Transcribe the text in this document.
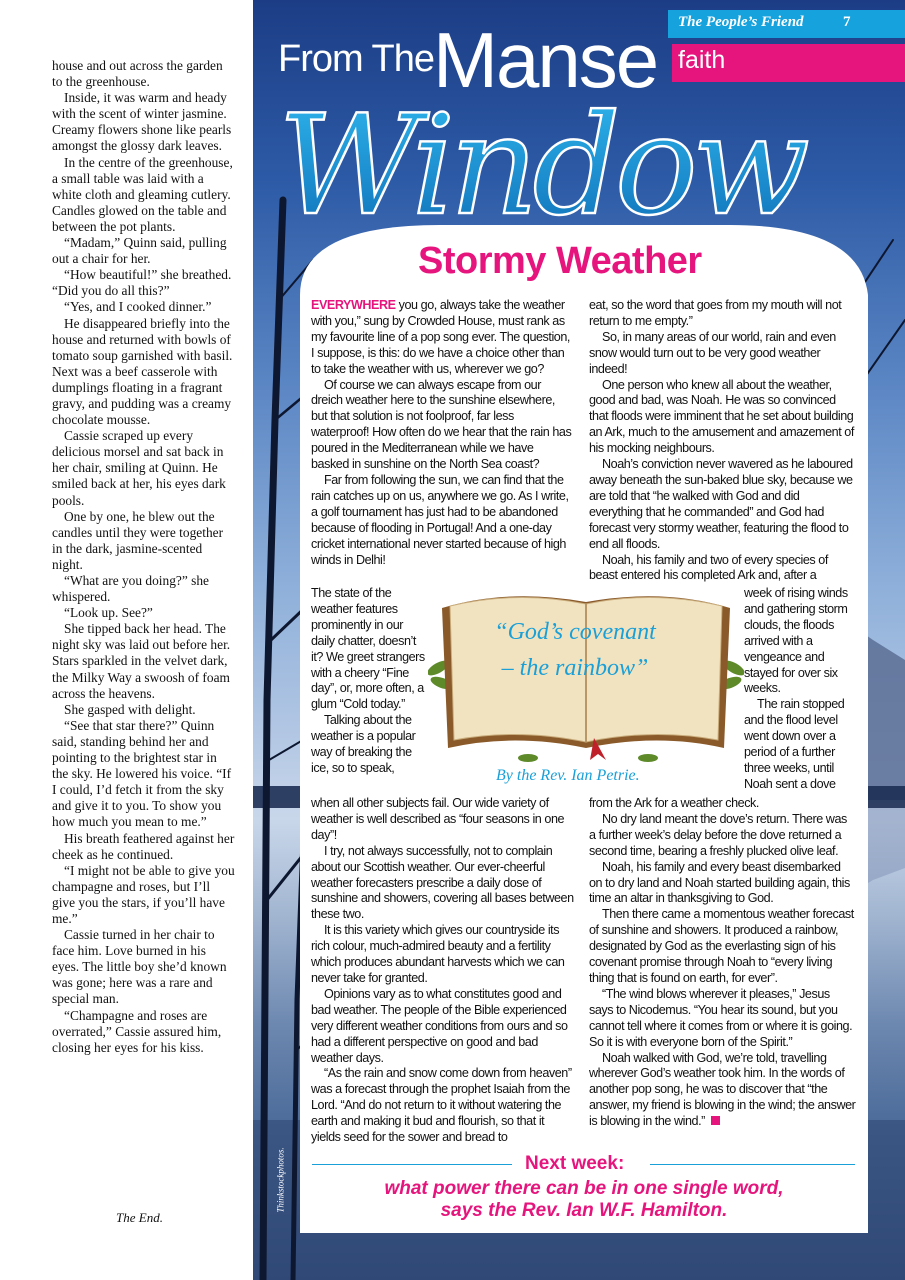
house and out across the garden to the greenhouse.

Inside, it was warm and heady with the scent of winter jasmine. Creamy flowers shone like pearls amongst the glossy dark leaves.

In the centre of the greenhouse, a small table was laid with a white cloth and gleaming cutlery. Candles glowed on the table and between the pot plants.

“Madam,” Quinn said, pulling out a chair for her.

“How beautiful!” she breathed. “Did you do all this?”

“Yes, and I cooked dinner.”

He disappeared briefly into the house and returned with bowls of tomato soup garnished with basil. Next was a beef casserole with dumplings floating in a fragrant gravy, and pudding was a creamy chocolate mousse.

Cassie scraped up every delicious morsel and sat back in her chair, smiling at Quinn. He smiled back at her, his eyes dark pools.

One by one, he blew out the candles until they were together in the dark, jasmine-scented night.

“What are you doing?” she whispered.

“Look up. See?”

She tipped back her head. The night sky was laid out before her. Stars sparkled in the velvet dark, the Milky Way a swoosh of foam across the heavens.

She gasped with delight.

“See that star there?” Quinn said, standing behind her and pointing to the brightest star in the sky. He lowered his voice. “If I could, I’d fetch it from the sky and give it to you. To show you how much you mean to me.”

His breath feathered against her cheek as he continued.

“I might not be able to give you champagne and roses, but I’ll give you the stars, if you’ll have me.”

Cassie turned in her chair to face him. Love burned in his eyes. The little boy she’d known was gone; here was a rare and special man.

“Champagne and roses are overrated,” Cassie assured him, closing her eyes for his kiss.

The End.
The People’s Friend	7
faith
From The
Manse
Window
Stormy Weather

EVERYWHERE you go, always take the weather with you,” sung by Crowded House, must rank as my favourite line of a pop song ever. The question, I suppose, is this: do we have a choice other than to take the weather with us, wherever we go?

Of course we can always escape from our dreich weather here to the sunshine elsewhere, but that solution is not foolproof, far less waterproof! How often do we hear that the rain has poured in the Mediterranean while we have basked in sunshine on the North Sea coast?

Far from following the sun, we can find that the rain catches up on us, anywhere we go. As I write, a golf tournament has just had to be abandoned because of flooding in Portugal! And a one-day cricket international never started because of high winds in Delhi!

The state of the weather features prominently in our daily chatter, doesn’t it? We greet strangers with a cheery “Fine day”, or, more often, a glum “Cold today.”

Talking about the weather is a popular way of breaking the ice, so to speak,

when all other subjects fail. Our wide variety of weather is well described as “four seasons in one day”!

I try, not always successfully, not to complain about our Scottish weather. Our ever-cheerful weather forecasters prescribe a daily dose of sunshine and showers, covering all bases between these two.

It is this variety which gives our countryside its rich colour, much-admired beauty and a fertility which produces abundant harvests which we can never take for granted.

Opinions vary as to what constitutes good and bad weather. The people of the Bible experienced very different weather conditions from ours and so had a different perspective on good and bad weather days.

“As the rain and snow come down from heaven” was a forecast through the prophet Isaiah from the Lord. “And do not return to it without watering the earth and making it bud and flourish, so that it yields seed for the sower and bread to

eat, so the word that goes from my mouth will not return to me empty.”

So, in many areas of our world, rain and even snow would turn out to be very good weather indeed!

One person who knew all about the weather, good and bad, was Noah. He was so convinced that floods were imminent that he set about building an Ark, much to the amusement and amazement of his mocking neighbours.

Noah’s conviction never wavered as he laboured away beneath the sun-baked blue sky, because we are told that “he walked with God and did everything that he commanded” and God had forecast very stormy weather, featuring the flood to end all floods.

Noah, his family and two of every species of beast entered his completed Ark and, after a

week of rising winds and gathering storm clouds, the floods arrived with a vengeance and stayed for over six weeks.

The rain stopped and the flood level went down over a period of a further three weeks, until Noah sent a dove

from the Ark for a weather check.

No dry land meant the dove’s return. There was a further week’s delay before the dove returned a second time, bearing a freshly plucked olive leaf.

Noah, his family and every beast disembarked on to dry land and Noah started building again, this time an altar in thanksgiving to God.

Then there came a momentous weather forecast of sunshine and showers. It produced a rainbow, designated by God as the everlasting sign of his covenant promise through Noah to “every living thing that is found on earth, for ever”.

“The wind blows wherever it pleases,” Jesus says to Nicodemus. “You hear its sound, but you cannot tell where it comes from or where it is going. So it is with everyone born of the Spirit.”

Noah walked with God, we’re told, travelling wherever God’s weather took him. In the words of another pop song, he was to discover that “the answer, my friend is blowing in the wind; the answer is blowing in the wind.”

“God’s covenant – the rainbow”
By the Rev. Ian Petrie.
Thinkstockphotos.	Next week:
what power there can be in one single word,
says the Rev. Ian W.F. Hamilton.
